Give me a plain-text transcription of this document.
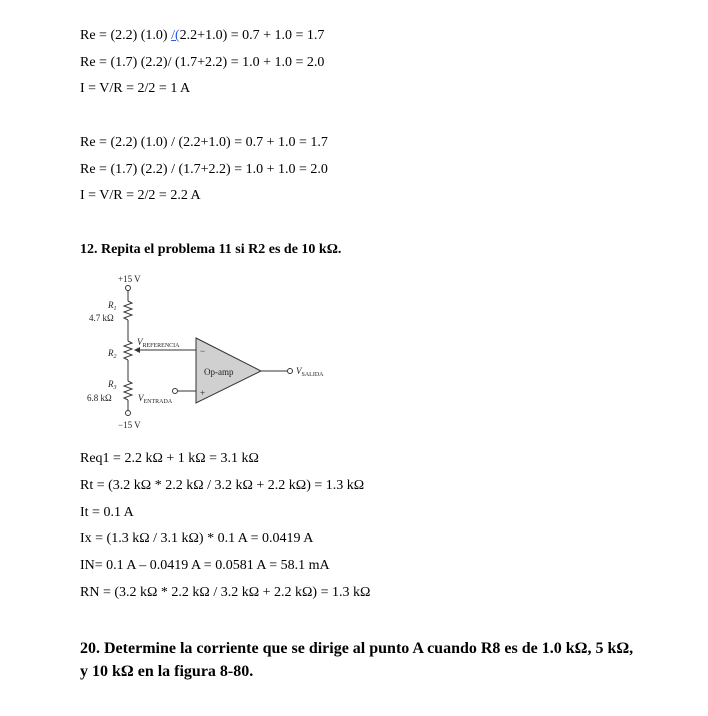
Re = (2.2) (1.0) /(2.2+1.0) = 0.7 + 1.0 = 1.7
Re = (1.7) (2.2)/ (1.7+2.2) = 1.0 + 1.0 = 2.0
I = V/R = 2/2 = 1 A
Re = (2.2) (1.0) / (2.2+1.0) = 0.7 + 1.0 = 1.7
Re = (1.7) (2.2) / (1.7+2.2) = 1.0 + 1.0 = 2.0
I = V/R = 2/2 = 2.2 A
12. Repita el problema 11 si R2 es de 10 kΩ.
+15 V
$R_1$
4.7 kΩ
$R_2$
$R_3$
6.8 kΩ
−15 V
$V_{REFERENCIA}$
$V_{ENTRADA}$
$V_{SALIDA}$
Op-amp
−
+
Req1 = 2.2 kΩ + 1 kΩ = 3.1 kΩ
Rt = (3.2 kΩ * 2.2 kΩ / 3.2 kΩ + 2.2 kΩ) = 1.3 kΩ
It = 0.1 A
Ix = (1.3 kΩ / 3.1 kΩ) * 0.1 A = 0.0419 A
IN= 0.1 A – 0.0419 A = 0.0581 A = 58.1 mA
RN = (3.2 kΩ * 2.2 kΩ / 3.2 kΩ + 2.2 kΩ) = 1.3 kΩ
20. Determine la corriente que se dirige al punto A cuando R8 es de 1.0 kΩ, 5 kΩ, y 10 kΩ en la figura 8-80.
